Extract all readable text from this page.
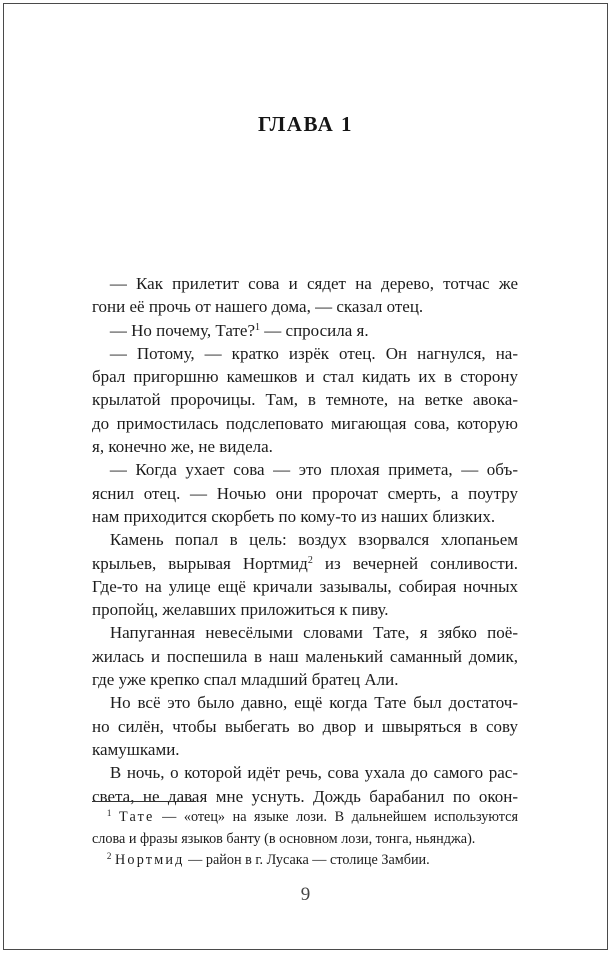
ГЛАВА 1
— Как прилетит сова и сядет на дерево, тотчас же
гони её прочь от нашего дома, — сказал отец.
— Но почему, Тате?$^1$ — спросила я.
— Потому, — кратко изрёк отец. Он нагнулся, на-
брал пригоршню камешков и стал кидать их в сторону
крылатой пророчицы. Там, в темноте, на ветке авока-
до примостилась подслеповато мигающая сова, которую
я, конечно же, не видела.
— Когда ухает сова — это плохая примета, — объ-
яснил отец. — Ночью они пророчат смерть, а поутру
нам приходится скорбеть по кому-то из наших близких.
Камень попал в цель: воздух взорвался хлопаньем
крыльев, вырывая Нортмид$^2$ из вечерней сонливости.
Где-то на улице ещё кричали зазывалы, собирая ночных
пропойц, желавших приложиться к пиву.
Напуганная невесёлыми словами Тате, я зябко поё-
жилась и поспешила в наш маленький саманный домик,
где уже крепко спал младший братец Али.
Но всё это было давно, ещё когда Тате был достаточ-
но силён, чтобы выбегать во двор и швыряться в сову
камушками.
В ночь, о которой идёт речь, сова ухала до самого рас-
света, не давая мне уснуть. Дождь барабанил по окон-
$^1$ Тате — «отец» на языке лози. В дальнейшем используются
слова и фразы языков банту (в основном лози, тонга, ньянджа).
$^2$ Нортмид — район в г. Лусака — столице Замбии.
9
